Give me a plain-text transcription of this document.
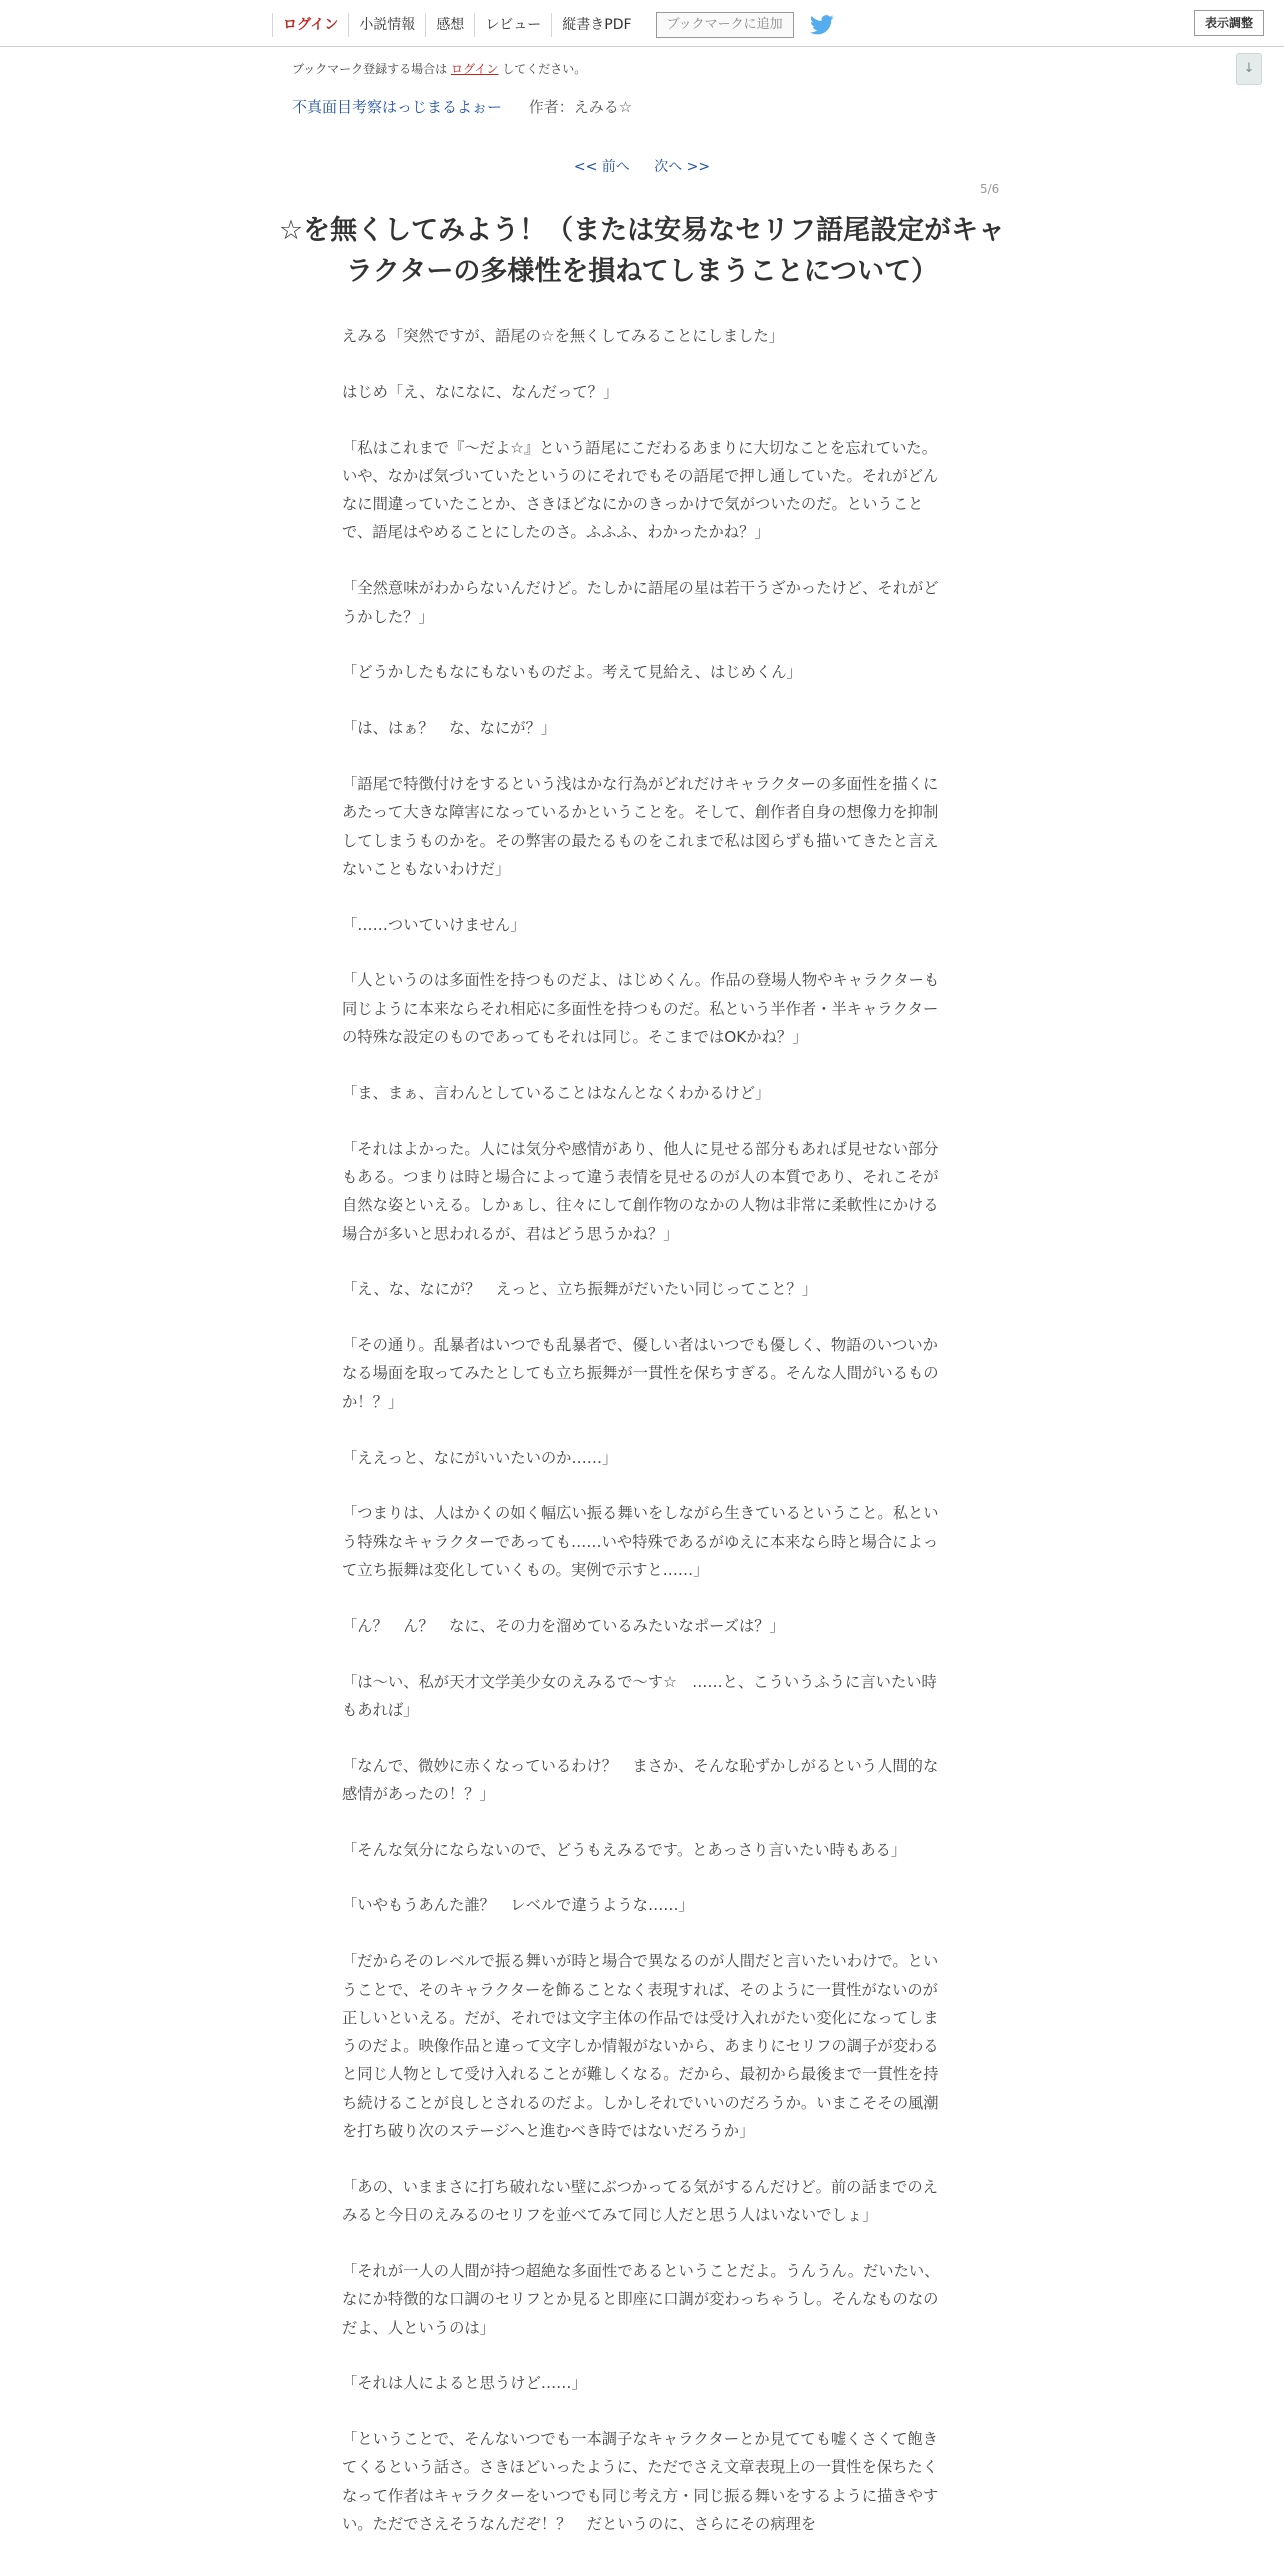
ログイン	小説情報	感想	レビュー	縦書きPDF	ブックマークに追加	表示調整
↓
ブックマーク登録する場合は ログイン してください。
不真面目考察はっじまるよぉー 作者：えみる☆
<< 前へ 次へ >>
5/6
☆を無くしてみよう！（または安易なセリフ語尾設定がキャラクターの多様性を損ねてしまうことについて）

えみる「突然ですが、語尾の☆を無くしてみることにしました」

はじめ「え、なになに、なんだって？」

「私はこれまで『～だよ☆』という語尾にこだわるあまりに大切なことを忘れていた。いや、なかば気づいていたというのにそれでもその語尾で押し通していた。それがどんなに間違っていたことか、さきほどなにかのきっかけで気がついたのだ。ということで、語尾はやめることにしたのさ。ふふふ、わかったかね？」

「全然意味がわからないんだけど。たしかに語尾の星は若干うざかったけど、それがどうかした？」

「どうかしたもなにもないものだよ。考えて見給え、はじめくん」

「は、はぁ？　な、なにが？」

「語尾で特徴付けをするという浅はかな行為がどれだけキャラクターの多面性を描くにあたって大きな障害になっているかということを。そして、創作者自身の想像力を抑制してしまうものかを。その弊害の最たるものをこれまで私は図らずも描いてきたと言えないこともないわけだ」

「……ついていけません」

「人というのは多面性を持つものだよ、はじめくん。作品の登場人物やキャラクターも同じように本来ならそれ相応に多面性を持つものだ。私という半作者・半キャラクターの特殊な設定のものであってもそれは同じ。そこまではOKかね？」

「ま、まぁ、言わんとしていることはなんとなくわかるけど」

「それはよかった。人には気分や感情があり、他人に見せる部分もあれば見せない部分もある。つまりは時と場合によって違う表情を見せるのが人の本質であり、それこそが自然な姿といえる。しかぁし、往々にして創作物のなかの人物は非常に柔軟性にかける場合が多いと思われるが、君はどう思うかね？」

「え、な、なにが？　えっと、立ち振舞がだいたい同じってこと？」

「その通り。乱暴者はいつでも乱暴者で、優しい者はいつでも優しく、物語のいついかなる場面を取ってみたとしても立ち振舞が一貫性を保ちすぎる。そんな人間がいるものか！？」

「ええっと、なにがいいたいのか……」

「つまりは、人はかくの如く幅広い振る舞いをしながら生きているということ。私という特殊なキャラクターであっても……いや特殊であるがゆえに本来なら時と場合によって立ち振舞は変化していくもの。実例で示すと……」

「ん？　ん？　なに、その力を溜めているみたいなポーズは？」

「は～い、私が天才文学美少女のえみるで～す☆　……と、こういうふうに言いたい時もあれば」

「なんで、微妙に赤くなっているわけ？　まさか、そんな恥ずかしがるという人間的な感情があったの！？」

「そんな気分にならないので、どうもえみるです。とあっさり言いたい時もある」

「いやもうあんた誰？　レベルで違うような……」

「だからそのレベルで振る舞いが時と場合で異なるのが人間だと言いたいわけで。ということで、そのキャラクターを飾ることなく表現すれば、そのように一貫性がないのが正しいといえる。だが、それでは文字主体の作品では受け入れがたい変化になってしまうのだよ。映像作品と違って文字しか情報がないから、あまりにセリフの調子が変わると同じ人物として受け入れることが難しくなる。だから、最初から最後まで一貫性を持ち続けることが良しとされるのだよ。しかしそれでいいのだろうか。いまこそその風潮を打ち破り次のステージへと進むべき時ではないだろうか」

「あの、いままさに打ち破れない壁にぶつかってる気がするんだけど。前の話までのえみると今日のえみるのセリフを並べてみて同じ人だと思う人はいないでしょ」

「それが一人の人間が持つ超絶な多面性であるということだよ。うんうん。だいたい、なにか特徴的な口調のセリフとか見ると即座に口調が変わっちゃうし。そんなものなのだよ、人というのは」

「それは人によると思うけど……」

「ということで、そんないつでも一本調子なキャラクターとか見てても嘘くさくて飽きてくるという話さ。さきほどいったように、ただでさえ文章表現上の一貫性を保ちたくなって作者はキャラクターをいつでも同じ考え方・同じ振る舞いをするように描きやすい。ただでさえそうなんだぞ！？　だというのに、さらにその病理を
